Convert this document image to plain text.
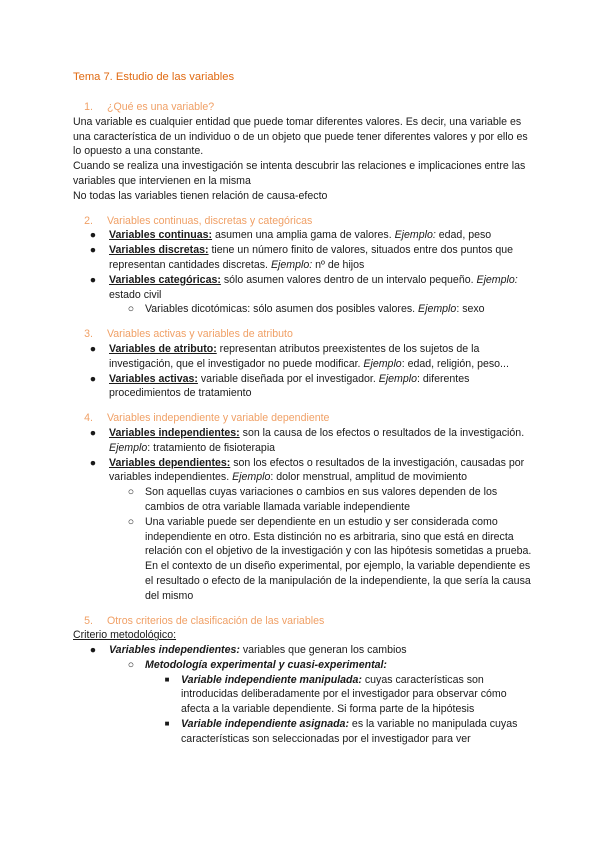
Tema 7. Estudio de las variables
1.	¿Qué es una variable?

Una variable es cualquier entidad que puede tomar diferentes valores. Es decir, una variable es una característica de un individuo o de un objeto que puede tener diferentes valores y por ello es lo opuesto a una constante.

Cuando se realiza una investigación se intenta descubrir las relaciones e implicaciones entre las variables que intervienen en la misma

No todas las variables tienen relación de causa-efecto

2.	Variables continuas, discretas y categóricas
● Variables continuas: asumen una amplia gama de valores. Ejemplo: edad, peso
● Variables discretas: tiene un número finito de valores, situados entre dos puntos que representan cantidades discretas. Ejemplo: nº de hijos
● Variables categóricas: sólo asumen valores dentro de un intervalo pequeño. Ejemplo: estado civil
○ Variables dicotómicas: sólo asumen dos posibles valores. Ejemplo: sexo
3.	Variables activas y variables de atributo
● Variables de atributo: representan atributos preexistentes de los sujetos de la investigación, que el investigador no puede modificar. Ejemplo: edad, religión, peso...
● Variables activas: variable diseñada por el investigador. Ejemplo: diferentes procedimientos de tratamiento
4.	Variables independiente y variable dependiente
● Variables independientes: son la causa de los efectos o resultados de la investigación. Ejemplo: tratamiento de fisioterapia
● Variables dependientes: son los efectos o resultados de la investigación, causadas por variables independientes. Ejemplo: dolor menstrual, amplitud de movimiento
○ Son aquellas cuyas variaciones o cambios en sus valores dependen de los cambios de otra variable llamada variable independiente
○ Una variable puede ser dependiente en un estudio y ser considerada como independiente en otro. Esta distinción no es arbitraria, sino que está en directa relación con el objetivo de la investigación y con las hipótesis sometidas a prueba. En el contexto de un diseño experimental, por ejemplo, la variable dependiente es el resultado o efecto de la manipulación de la independiente, la que sería la causa del mismo
5.	Otros criterios de clasificación de las variables
Criterio metodológico:
● Variables independientes: variables que generan los cambios
○ Metodología experimental y cuasi-experimental:
■	Variable independiente manipulada: cuyas características son introducidas deliberadamente por el investigador para observar cómo afecta a la variable dependiente. Si forma parte de la hipótesis
■	Variable independiente asignada: es la variable no manipulada cuyas características son seleccionadas por el investigador para ver
